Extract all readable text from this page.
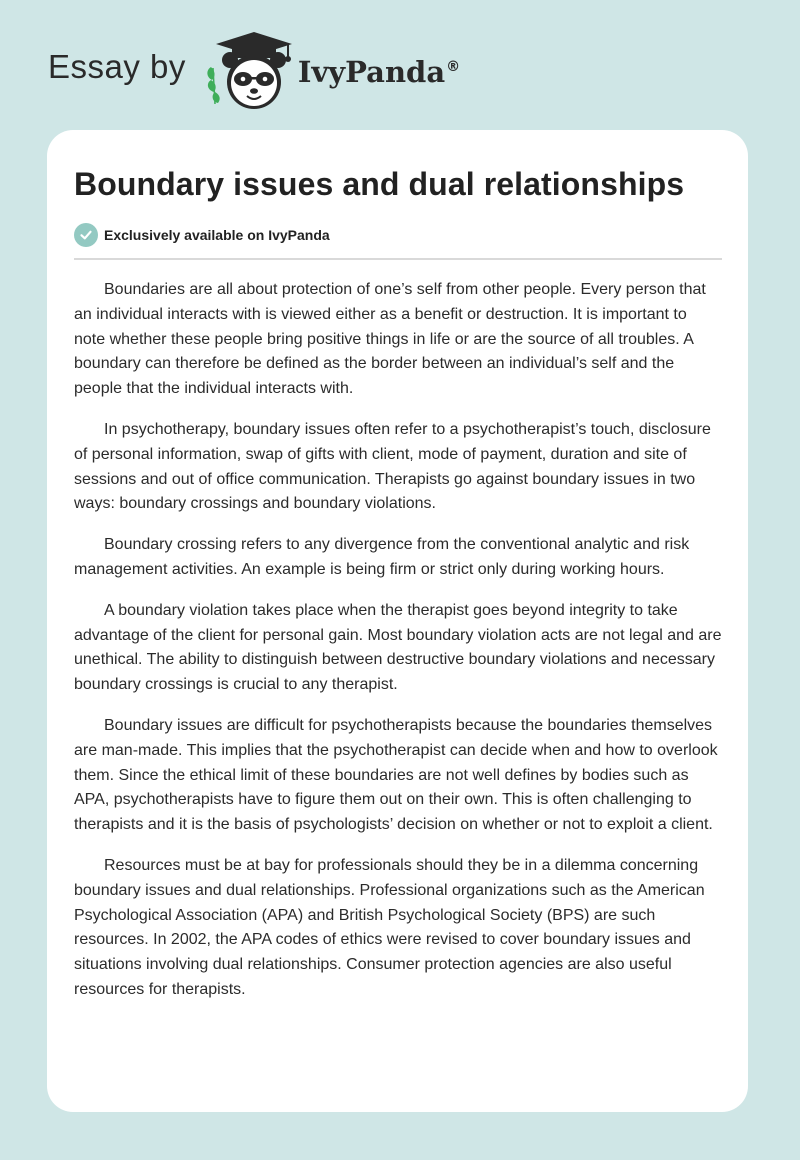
Essay by	IvyPanda®
Boundary issues and dual relationships
Exclusively available on IvyPanda

Boundaries are all about protection of one’s self from other people. Every person that an individual interacts with is viewed either as a benefit or destruction. It is important to note whether these people bring positive things in life or are the source of all troubles. A boundary can therefore be defined as the border between an individual’s self and the people that the individual interacts with.

In psychotherapy, boundary issues often refer to a psychotherapist’s touch, disclosure of personal information, swap of gifts with client, mode of payment, duration and site of sessions and out of office communication. Therapists go against boundary issues in two ways: boundary crossings and boundary violations.

Boundary crossing refers to any divergence from the conventional analytic and risk management activities. An example is being firm or strict only during working hours.

A boundary violation takes place when the therapist goes beyond integrity to take advantage of the client for personal gain. Most boundary violation acts are not legal and are unethical. The ability to distinguish between destructive boundary violations and necessary boundary crossings is crucial to any therapist.

Boundary issues are difficult for psychotherapists because the boundaries themselves are man-made. This implies that the psychotherapist can decide when and how to overlook them. Since the ethical limit of these boundaries are not well defines by bodies such as APA, psychotherapists have to figure them out on their own. This is often challenging to therapists and it is the basis of psychologists’ decision on whether or not to exploit a client.

Resources must be at bay for professionals should they be in a dilemma concerning boundary issues and dual relationships. Professional organizations such as the American Psychological Association (APA) and British Psychological Society (BPS) are such resources. In 2002, the APA codes of ethics were revised to cover boundary issues and situations involving dual relationships. Consumer protection agencies are also useful resources for therapists.
